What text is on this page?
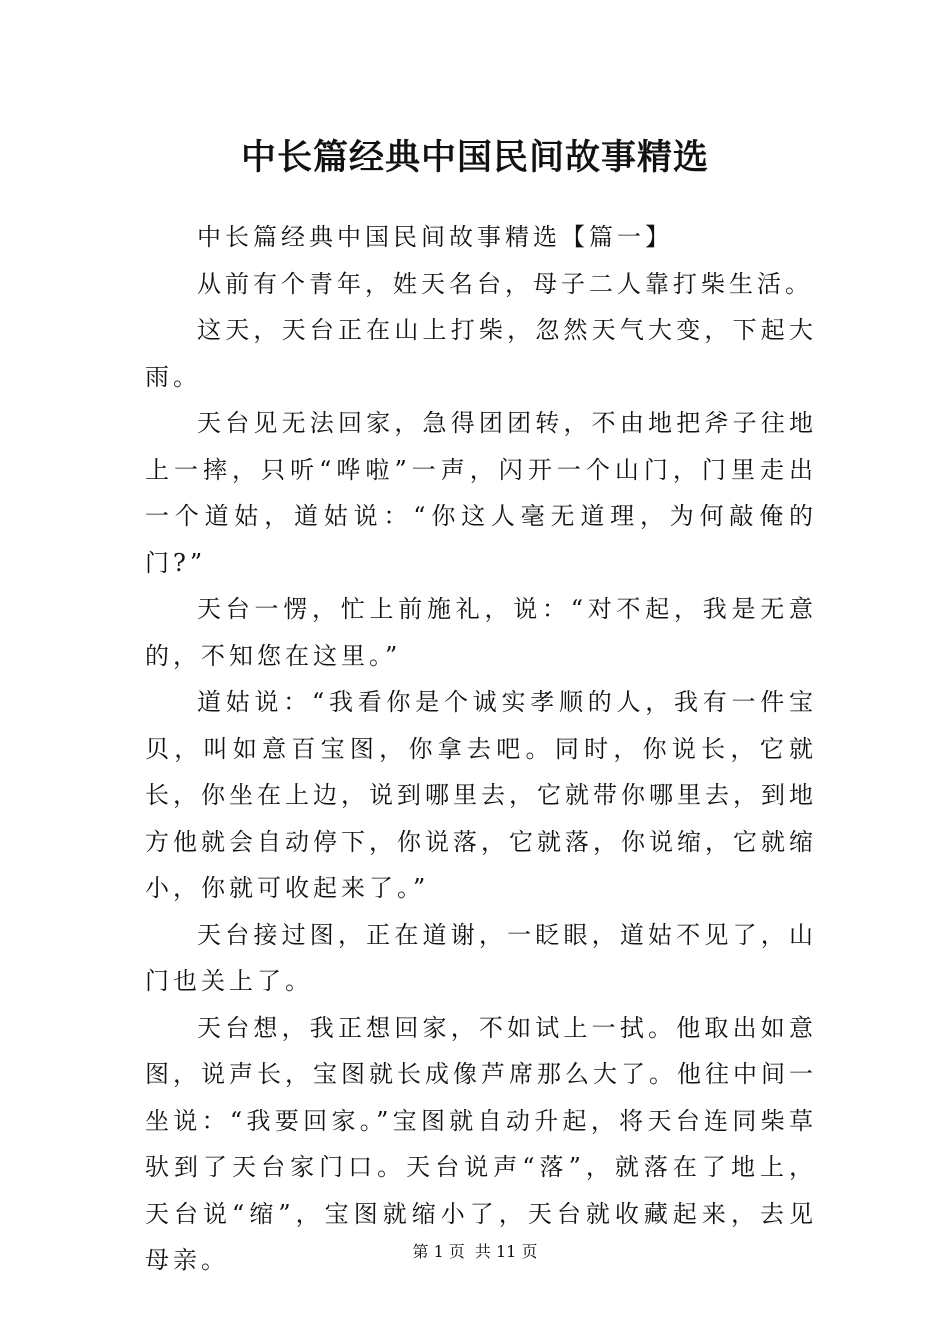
中长篇经典中国民间故事精选

中长篇经典中国民间故事精选【篇一】

从前有个青年，姓天名台，母子二人靠打柴生活。

这天，天台正在山上打柴，忽然天气大变，下起大雨。

天台见无法回家，急得团团转，不由地把斧子往地上一摔，只听“哗啦”一声，闪开一个山门，门里走出一个道姑，道姑说：“你这人毫无道理，为何敲俺的门?”

天台一愣，忙上前施礼，说：“对不起，我是无意的，不知您在这里。”

道姑说：“我看你是个诚实孝顺的人，我有一件宝贝，叫如意百宝图，你拿去吧。同时，你说长，它就长，你坐在上边，说到哪里去，它就带你哪里去，到地方他就会自动停下，你说落，它就落，你说缩，它就缩小，你就可收起来了。”

天台接过图，正在道谢，一眨眼，道姑不见了，山门也关上了。

天台想，我正想回家，不如试上一拭。他取出如意图，说声长，宝图就长成像芦席那么大了。他往中间一坐说：“我要回家。”宝图就自动升起，将天台连同柴草驮到了天台家门口。天台说声“落”，就落在了地上，天台说“缩”，宝图就缩小了，天台就收藏起来，去见母亲。	第 1 页 共 11 页
